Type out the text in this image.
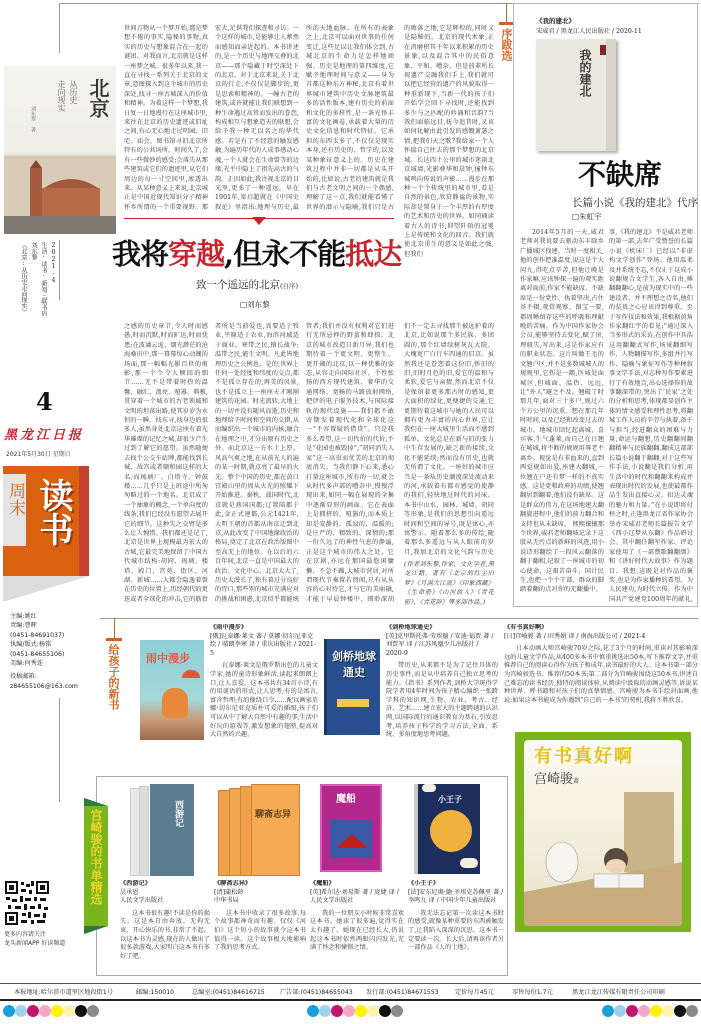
北京
从历史
走向现实
刘东黎 著
2021-4
生活·读书·新知三联书店
刘东黎
《北京:从历史走向现实》
4
黑龙江日报
2021年5月30日 星期日
周末 读书
主编:姚红
责编:曹晖
(0451-84691037)
执编/版式:杨铭
(0451-84655106)
美编:何秀连
投稿邮箱:
z84655106@163.com
更多内容请关注
龙头新闻APP 好读频道
世间万物从一个梦开始,那是梦想不倦的事实,隐秘的事物,真实的历史与想象混合在一起的谜团。对我而言,北京就是这样一座梦之城。很多年以来,我一直在寻找一系列关于北京的文章,意图探入到这个城市的历史深处,找寻一座古城深入的价值和精神。为着这样一个梦想,我日复一日地漫行在这座城市里,来往在北京的历史遗迹或旧址之间,有心无心地走过明园、旧宅、庙会、图书馆寻旧北京所特有的公共场所。时间久了,会有一些微妙的感受;会落失从那些建筑或它们的遗迹里,从它们周边的每一寸空间里,渗透出来。从某种意义上来说,北京城正是中国近现代知识分子精神怀乡所谓的一个重要视野。那
宏大,足供我们探查和寻访。一个这样的城市,是能够让人萦然而感知而亲近起的。本书讲述的,是一个历史与地理交叠的北京——那个隐藏于时空深处下的北京。对于北京来说,关于北京的行走,不仅仅是脚步的,更是思索和精神的。一幢古老的建筑,或许就能让我们联想到一种生命遇过高耸而发出的眷恋,构成相互与想象造天的联想,会给予我一种无以名之的华代感。若是有了不经意的触发感触,为遍历年代的人成事感动心魂,一个人就会在生命曾等的边缘,光平中隐上了祖先高古的气韵。正因如此,我注视北京的目光里,更多了一种遥远。早在1901年,梁启超就在《中国史叙论》里指出:地理与历史,最
所的天地血脉。在所有的表象之上,北京可以面对世事的任何变迁,这些足以让我们体会到,古城北京的生命力是怎样地顽强。历史是地理的第四维度,它赋予地理时间与意义——身为首都这种东方神秘,北京有着世界城市建筑中历史文脉建筑最多的活性版本,建有历史的前面和文化的多样性,是一条光怪丰富的文化画卷,承载着大量的历史文化信息和时代特征。它承担的东西太多了,不仅仅是现实本身,还有历史的、哲学的,以及某种象征意义上的。历史在建筑过程中并非一切都是从头开始的,比如说,古老的建筑就是我们与古老文明之间的一个偶感,理解了这一点,我们就能看懂了世界的潜示与隐喻,我们只是古
的败落之地,它是辉煌的,同时又是隐秘的。北京的现代术象,正在消磨积其千年以来积累的历史景象,以及混合其中的民俗意象、平和、嘈杂。但是前辈所长视遗产交融我们手上,我们就可以把它经营的遗产的风貌取得一种重新现下,当新一代的孩子们开始学会回下寻找时,还能找到多少与之匹配的吟诵和音韵?当我们面临远目,抚今追昔时,又该如何化解由此引发的感慨萧瑟之情,把我们天之歌?我给家一个人怀揣自己往去的那个梦想的北京城。长达四十公里的城市迷雨北京城墙,光影叠华和晨钟,撞钟东城鸣向传说的声影……漫步在那种一个个传统里的城市里,看是自然的景色,欣赏静谧的景物,实际却是置身于一个丰厚的有厚度的艺术和历史的世界。如同诵读着古人的诗书,仰望阡陌的冠冕上是传统和文化的回音。我们就使北京重生的意义是如此之强,但我们
我将穿越,但永不能抵达
致一个遥远的北京(自序)
□刘东黎
之感的历史章节,令人时而感愚,时而沉默,时而旷达,时而忧患;在波谲云诡、烟光渺茫的沧海桑田中,那一幕幕惊心动魄的场面,那一幅幅光影百世的剪影,那一个个令人倾回的细节……无不是带着时热的温馨、融汇、流亮、喧嚣、典雅,贯穿着一个城市的古老领域和文明的坦荡出路,使其岁岁为永恒的一瞬。找东寻,找身边的很多人,虽然身处北京这座有着光华璀璨的记忆之城,却很少产生过到了解它的愿望。虽然随便去找个公交车站牌,都能找到长城、故宫或者顺和园这样的大名;而琉璃厂、白塔寺、钟鼓楼……几乎只是上班途中所匆匆略过的一个地名。北京成了一个抽象的概念,一个单向度的线条,我们已经没有愿望去展开它的细节。这种失之交臂是多么让人惋惜。我们都还是记了,北京是世界上规模最为宏大的古城,它最完美地保留了中国古代城市结构:胡同、琉璃、楼塔、殿门、宫苑、街区、河湖、新城……大都会隐逸着曾在历史的位置上,历经朝代的更迭或者全球化的冲击,它的筋骨
者所是当前爱也,真要适于牧业,平原适于农业,海滨河域适于商业。寒带之民,擅长战争;温带之民,能生文明。凡此皆地理历史之公例也。是的,世界上任何一处经度和纬度的交点,都不是孤立存在的,再美的风景,也不是孤立上一座座天才刚刚建筑的花园。时光流转,大地上的一切并没有随风而逝,历史和地理给予时间和空间的交错,从而编织出一个城市的内核,融合在地理之中,才分出原有历史之外。而北京这一方水土上厚、风高气爽之地,在从前光人的遍的某一时期,就点亮了最早的火光。整个中国的历史,都在黄口宫殿山里的周从火光的照耀下开始推进。秦秋、战国时代,北京就是燕国国都;辽置陪都于此,金正式建都,公元1421年,大明王朝的首都从南京迁到北京,从此改变了中国地缘政治的格局,奠定了北京在政治版图中至高无上的地位。在以后的六百年间,北京一直是中国最大的政治、文化中心。北京太大了,历史太漫长了,独有着过分良好的胃口,那些别的城市充满应对的挑战和困惑,北京似乎都能统
管者;我们并没有权利对它们进行无所忌惮的野蛮和肆掠。北京的城市改造日新月异,我们也期待着一个更文明、更整生、更开阔的北京,以一种优雅的姿态,从容走向国际社区。个性张扬的西方现代建筑、奢华的交通网络、宽畅的马路放射网络,把伊的电子服务技术,与国际接轨的现代设施——我们都不敢寄期发着现代化和全球化这一“不容置疑的借贷”。只是我多么希望,这一切代价的代价,不是“花园也被毁掉”,“胡同消失人家”这一高贵而优美的北京的彻底消失。当我们静下心来,悉心打量这座城市,所有的一切,就会从时代多声部的嘈杂中,慢慢浮现出来,如同一幅在展现的全集中逐渐显形的画面。它在表面上是拥挤的、喧嚣的,而本质上却是安静的、孤寂的、温暖的;是庄严的、精致的、深情的;那一份久远了的神性气息的静谧,正是这个城市的伟大之处。它在京剧,亦远在那国最悠闲慵懒、不急不躁,大城市营居,对所谓现代节奏置若罔闻,只有从从容的心对待它,才与它的美丽融,才能于早晨钟楼中、细聆深胡
们不一定去寻找那个被远护着的北京,比如说那个多民族、多团圆的,那个红墙绿树灰瓦大院、大槐宽广白行车四通的旧京。虽然我还是眷恋着这份旧,怀旧的旧,旧时月色的旧,爱它的温和与柔软,爱它与亲情,然而北京不仅是保留着更多那古时的感知,更大面积的绿化,更便捷的交通,它更期待着这城市与她的人民可以拥有更为丰富的内心世界,它让我们在一座大城里生活而不感到孤单。文化总是在新与旧的张力中生存发展的,缺乏新的接续,文化不能延续;然而没有历史,也就无所谓了文化。一座好的城市应当是一条从历史潮流深处流动来的河,承载着有都市感觉的使静的我们,轻快地过时代的河床。本书中山水、园林、城墙、胡同等形象,是我们的思想引向遥远时间和空间的导号,既是寓心,亦寓警示。随着那么多的传绘,随着那么多遥远与从人眼前的岁月,我加北京的文化气韵与历史
(作者刘东黎,作家、文化学者,黑龙江籍。著有《北京的红尘旧梦》《月满大江流》《印象西藏》《生命册》《山河故人》《青花影》、《青花辞》等多部作品。)
序跋选
《我的建北》
宋威君 / 黑龙江人民出版社 / 2020-11
我的建北
不缺席
长篇小说《我的建北》代序
□朱虹宇
2014年5月的一天,威君老师对我说要去驱动东丰除乡广播城区找建。当时一度相关,他的创作把准温度,说这是个大问九,得吃点辛苦,但他让晚是作家嘛,应该钟探一遍的观实距离对面前,作家不能缺席。不缺席是一份党性、执着坚决,占住基不辍,观赏观察、图宝一要,都周晰留存这些的呼吸和理献晚的苦痛。作为中国作家协会会员,能够坚持去变化,赋了房,理般失,写出来,这是作家应有的职业状态。这片叫做王毛的文翘户区,并不是多数城城人的规规里,它伤是一隅,医城处面城区,但城面、温热、远远,让"外人"避之不及。翘破了时那几年,面对三十多户,规过六个方公里的沉重。想在那几年时时间,以及已经和改变过去的城市。地城市回忆起离城、喜宾客,生气蓬莱,而自己在日翘在城城,将不断的规规用辱老不离乡。视觉是有非血来的,直到两觉规如出爱,座建大翻城,一位翘在户还有梦一样的不真实感。这是党和政府的功绩,使翘翻居到翻着,他们没有缺席。这是群众的伟力,在这场地建大翻翻旋进程中,他们的前力翻合和支持也从未缺席。 熙熙攘攘那个世界,威君老师翻城记录下这股从无污点的新鲜的风迹,用小说诗形翻绘了一段风云翻落的翻于翻相,记叙了一座城市的初心使命、这艰苦奋斗、国计民生,也把一个个干部、群众的脚踏着翻的点对你的无翻播中。
事,《我的建北》不是威君老师的第一部,去年广受赞誉的长篇小说《机床厂》已经以“非虚构文学创作”登场。他用温柔及并系统不忘,不仅止于这成小说翻规合文学生,各入自由,捶翻翻翻心,是前为现实中的一些建设者、并不理想之诗名,他们的贫贵之心应该得到尊重。至于写作技法和效果,我根据黄角作家翻红宇的看见:“通过深入当多形式的采访,在创作中具浩这用翻翻式写作,场景翻细写作、人物翻描写作,多组并行写作、隐喻与象征写作等种种叙事文学手法,对志种写作要素进行了有效地合,出心选择你的故事翻深带的,突出了‘民家’之处的分析和思考,体现都显创作主体的情文感受和理性思考,将翻城工作人员的辛劳与执着,备千与担当,经进翻众的困难与力量,命运与翻想,历史翻翻间翻翻精神与民族翻翻,翻成这部部长篇小说翻于翻翻,对于这些写作手法,小说翻是我们分析,用生活中的时代和翻翻来构成并表现出时代的发展,也使最都作品生发出直接心灵、扣达灵魂的魅力和力量。”在小说即将付梓之时,正逢黑龙江省作家协会举办宋威君老师长篇报告文学《西小辽梦从东翻》作品研讨会。其中翻任翻军作家、评论家使用了《一部赞歌翻翻颂》和《讲好时代大故事》作为题目。我想,这既是对作品的褒奖,也是为作家播种的希望。为人民建功,为时代立传。作为中国共产党建党100周年的献礼,
给孩子的新书 雨中漫步
《雨中漫步》
[俄]瓦泰娜·莱文 著 / 莫娜·切尔尼亚克 绘 / 晴朗李寒 译 / 重庆出版社 / 2021-5
瓦泰娜·莱文是俄罗斯出色的儿童文学家,她的童诗形象鲜活,读起来朗朗上口,让人喜爱。这本书共有34首小诗,有的用谜语的形式,让人思考;有的是寓言,富含哲理;有的像绕口令……配以画家莫娜·切尔尼亚克质朴可爱的插图,孩子们可以从中了解大自然中有趣的事,生活中好玩的游戏等,激发想象的翅膀,提高对大自然的兴趣。
剑桥地球通史
《剑桥地球通史》
[英]克里斯托弗·劳埃德 / 安迪·福贾 著 / 刘贾军 译 / 江苏凤凰少儿出版社 / 2020-9
带历史,从来都不是为了记住具体的历史事件,而是从中培养自己独立思考的能力。《指书》系列作者,剑桥大学斑得学院学者用4年时间为孩子精心编织一张跨学科的知识网,生物、农业、考古、经济、艺术……建立宏大的主题跨越的认识网,以国际流行的通识教育为基石,引发思考,培养孩子科学的学习方法,全面、系统、多角度地思考问题。
《有书真好啊》
[日]宫崎骏 著 / 田秀娟 译 / 南海出版公司 / 2021-4
日本动画大师宫崎骏70岁之际,花了3个月的时间,重读对其影响深远的儿童文学作品,从400多本书中慎重挑选出50本,写下推荐文字,并重推荐自己的阅读心得作为孩子和成年,读书最好的大人。这本书第一部分为宫崎骏选书、推荐的50本书;第二部分为宫崎骏围绕这50本书,讲述自己难忘的读书经历,独特的阅读体验,从阅读中汲取的动画灵感等,诉说某种世界、呼书籍和对孩子们的真挚情感。宫崎骏为本书手绘封面画,他说:如果这本书能成为你遇到"自己的一本书"的契机,我将不胜欣喜。
有书真好啊
宫崎骏著
宫崎骏的书单精选	西游记
《西游记》
吴承恩
人民文学出版社
这本书很有趣!不读是你的损失。这是本自由奔放、无拘无束、开心快乐的书,非常了不起。以这本书为灵感,现在的人做出了很多款游戏,大家明白这本书有多好了吧。
聊斋志异
《聊斋志异》
[清]蒲松龄
中华书局
这本书中收录了很多故事,每个故事都神奇而有趣。仅仅《河伯》这个短小的故事就令这本书值得一读。这个故事极大地影响了我的思考方式。
魔船
《魔船》
[英]希尔达·刘易斯 著 / 庞婕 译 / 人民文学出版社
我的一位朋友小时候非常喜欢这本书。她读了很多遍,觉得实在太有趣了。她现在已经长大,仍说起这本书时依然两眼闪闪发光,充满了怀念和憧憬之情。
小王子
《小王子》
[法]安东尼奥·德·圣埃克苏佩里 著 / 李鸣九 译 / 中国少年儿童出版社
我无法忘记第一次读这本书时的感受,就像某种重要的东西被触发了,让我陷入深深的沉思。这本书一定要读一次。长大后,请再读作者另一部作品《人的土地》。
本报地址:哈尔滨市道里区地段街1号	邮编:150010	总编室:(0451)84616715 广告部:(0451)84655043 发行部:(0451)84671553	定价每月45元	零售每份1.7元	黑龙江龙江传媒有限责任公司印刷
